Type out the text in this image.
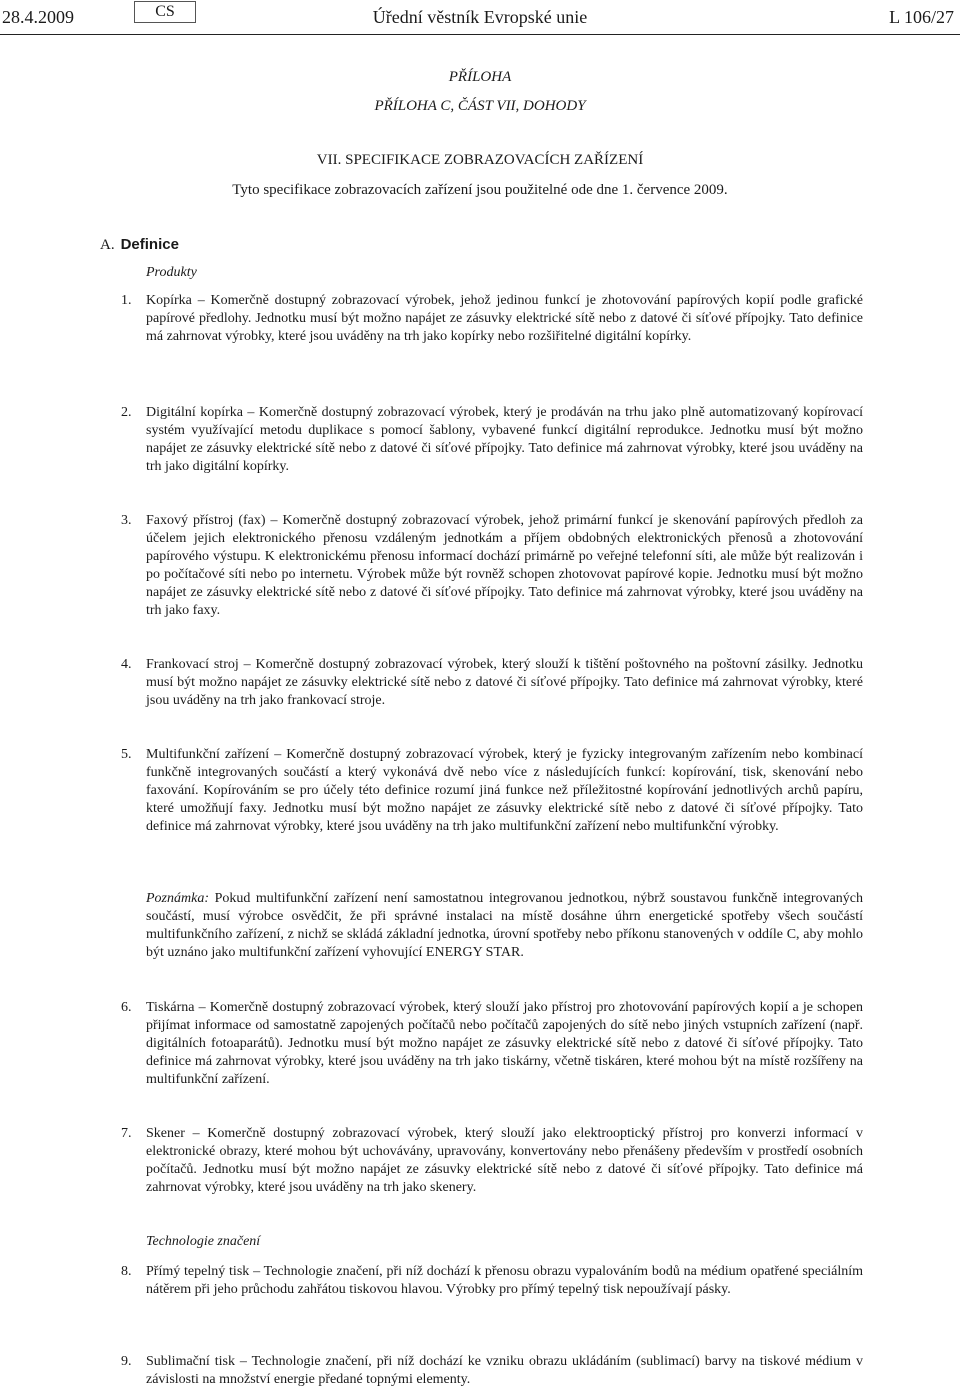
28.4.2009	CS	Úřední věstník Evropské unie	L 106/27
PŘÍLOHA
PŘÍLOHA C, ČÁST VII, DOHODY
VII. SPECIFIKACE ZOBRAZOVACÍCH ZAŘÍZENÍ
Tyto specifikace zobrazovacích zařízení jsou použitelné ode dne 1. července 2009.
A. Definice
Produkty
1.	Kopírka – Komerčně dostupný zobrazovací výrobek, jehož jedinou funkcí je zhotovování papírových kopií podle grafické papírové předlohy. Jednotku musí být možno napájet ze zásuvky elektrické sítě nebo z datové či síťové přípojky. Tato definice má zahrnovat výrobky, které jsou uváděny na trh jako kopírky nebo rozšiřitelné digitální kopírky.
2.	Digitální kopírka – Komerčně dostupný zobrazovací výrobek, který je prodáván na trhu jako plně automatizovaný kopírovací systém využívající metodu duplikace s pomocí šablony, vybavené funkcí digitální reprodukce. Jednotku musí být možno napájet ze zásuvky elektrické sítě nebo z datové či síťové přípojky. Tato definice má zahrnovat výrobky, které jsou uváděny na trh jako digitální kopírky.
3.	Faxový přístroj (fax) – Komerčně dostupný zobrazovací výrobek, jehož primární funkcí je skenování papírových předloh za účelem jejich elektronického přenosu vzdáleným jednotkám a příjem obdobných elektronických přenosů a zhotovování papírového výstupu. K elektronickému přenosu informací dochází primárně po veřejné telefonní síti, ale může být realizován i po počítačové síti nebo po internetu. Výrobek může být rovněž schopen zhotovovat papírové kopie. Jednotku musí být možno napájet ze zásuvky elektrické sítě nebo z datové či síťové přípojky. Tato definice má zahrnovat výrobky, které jsou uváděny na trh jako faxy.
4.	Frankovací stroj – Komerčně dostupný zobrazovací výrobek, který slouží k tištění poštovného na poštovní zásilky. Jednotku musí být možno napájet ze zásuvky elektrické sítě nebo z datové či síťové přípojky. Tato definice má zahrnovat výrobky, které jsou uváděny na trh jako frankovací stroje.
5.	Multifunkční zařízení – Komerčně dostupný zobrazovací výrobek, který je fyzicky integrovaným zařízením nebo kombinací funkčně integrovaných součástí a který vykonává dvě nebo více z následujících funkcí: kopírování, tisk, skenování nebo faxování. Kopírováním se pro účely této definice rozumí jiná funkce než příležitostné kopírování jednotlivých archů papíru, které umožňují faxy. Jednotku musí být možno napájet ze zásuvky elektrické sítě nebo z datové či síťové přípojky. Tato definice má zahrnovat výrobky, které jsou uváděny na trh jako multifunkční zařízení nebo multifunkční výrobky.
Poznámka: Pokud multifunkční zařízení není samostatnou integrovanou jednotkou, nýbrž soustavou funkčně integrovaných součástí, musí výrobce osvědčit, že při správné instalaci na místě dosáhne úhrn energetické spotřeby všech součástí multifunkčního zařízení, z nichž se skládá základní jednotka, úrovní spotřeby nebo příkonu stanovených v oddíle C, aby mohlo být uznáno jako multifunkční zařízení vyhovující ENERGY STAR.
6.	Tiskárna – Komerčně dostupný zobrazovací výrobek, který slouží jako přístroj pro zhotovování papírových kopií a je schopen přijímat informace od samostatně zapojených počítačů nebo počítačů zapojených do sítě nebo jiných vstupních zařízení (např. digitálních fotoaparátů). Jednotku musí být možno napájet ze zásuvky elektrické sítě nebo z datové či síťové přípojky. Tato definice má zahrnovat výrobky, které jsou uváděny na trh jako tiskárny, včetně tiskáren, které mohou být na místě rozšířeny na multifunkční zařízení.
7.	Skener – Komerčně dostupný zobrazovací výrobek, který slouží jako elektrooptický přístroj pro konverzi informací v elektronické obrazy, které mohou být uchovávány, upravovány, konvertovány nebo přenášeny především v prostředí osobních počítačů. Jednotku musí být možno napájet ze zásuvky elektrické sítě nebo z datové či síťové přípojky. Tato definice má zahrnovat výrobky, které jsou uváděny na trh jako skenery.
Technologie značení
8.	Přímý tepelný tisk – Technologie značení, při níž dochází k přenosu obrazu vypalováním bodů na médium opatřené speciálním nátěrem při jeho průchodu zahřátou tiskovou hlavou. Výrobky pro přímý tepelný tisk nepoužívají pásky.
9.	Sublimační tisk – Technologie značení, při níž dochází ke vzniku obrazu ukládáním (sublimací) barvy na tiskové médium v závislosti na množství energie předané topnými elementy.
